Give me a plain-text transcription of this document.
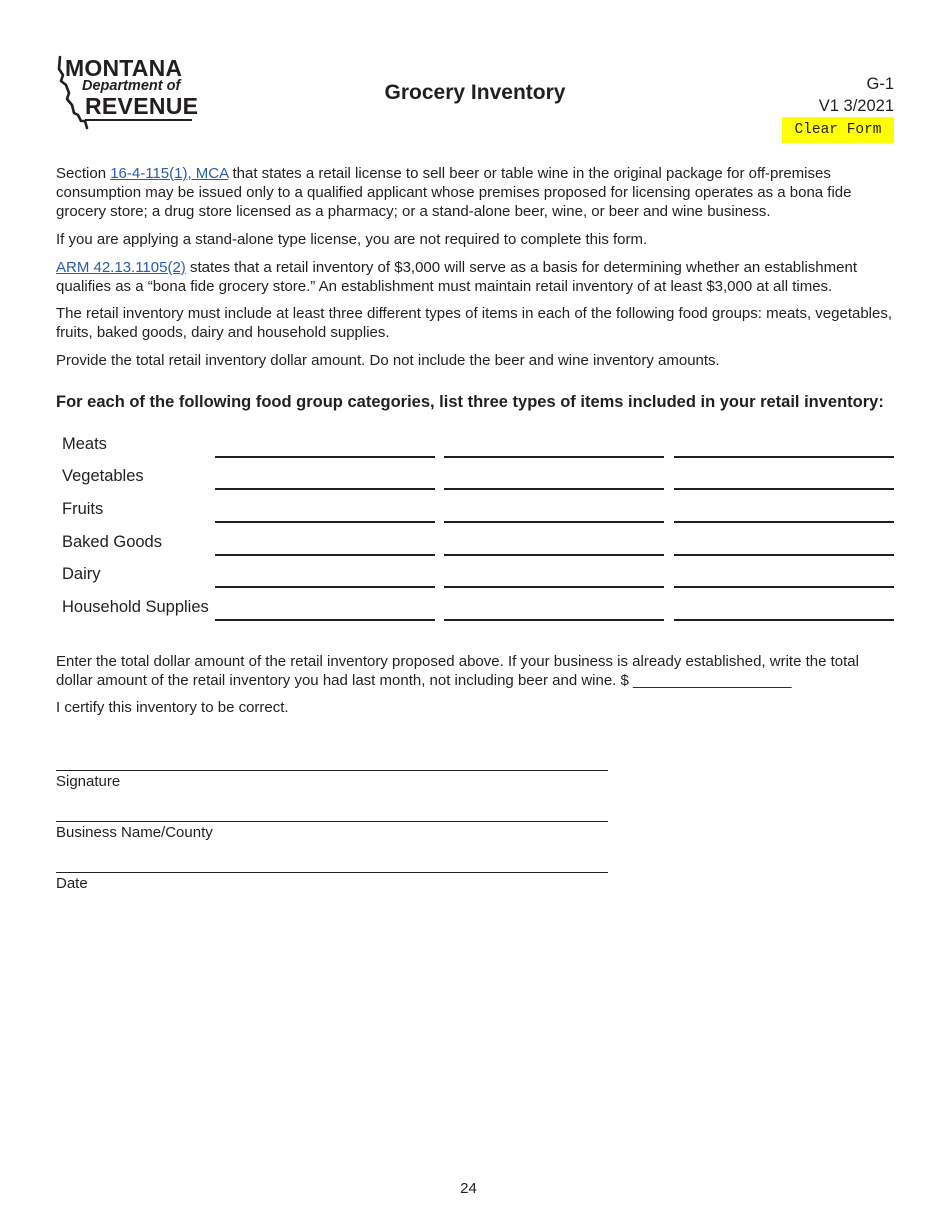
MONTANA
Department of
REVENUE
Grocery Inventory	G-1
V1 3/2021
Clear Form

Section 16-4-115(1), MCA that states a retail license to sell beer or table wine in the original package for off-premises consumption may be issued only to a qualified applicant whose premises proposed for licensing operates as a bona fide grocery store; a drug store licensed as a pharmacy; or a stand-alone beer, wine, or beer and wine business.

If you are applying a stand-alone type license, you are not required to complete this form.

ARM 42.13.1105(2) states that a retail inventory of $3,000 will serve as a basis for determining whether an establishment qualifies as a “bona fide grocery store.” An establishment must maintain retail inventory of at least $3,000 at all times.

The retail inventory must include at least three different types of items in each of the following food groups: meats, vegetables, fruits, baked goods, dairy and household supplies.

Provide the total retail inventory dollar amount. Do not include the beer and wine inventory amounts.

For each of the following food group categories, list three types of items included in your retail inventory:
Meats
Vegetables
Fruits
Baked Goods
Dairy
Household Supplies

Enter the total dollar amount of the retail inventory proposed above. If your business is already established, write the total dollar amount of the retail inventory you had last month, not including beer and wine. $ ___________________

I certify this inventory to be correct.

Signature
Business Name/County
Date
24
